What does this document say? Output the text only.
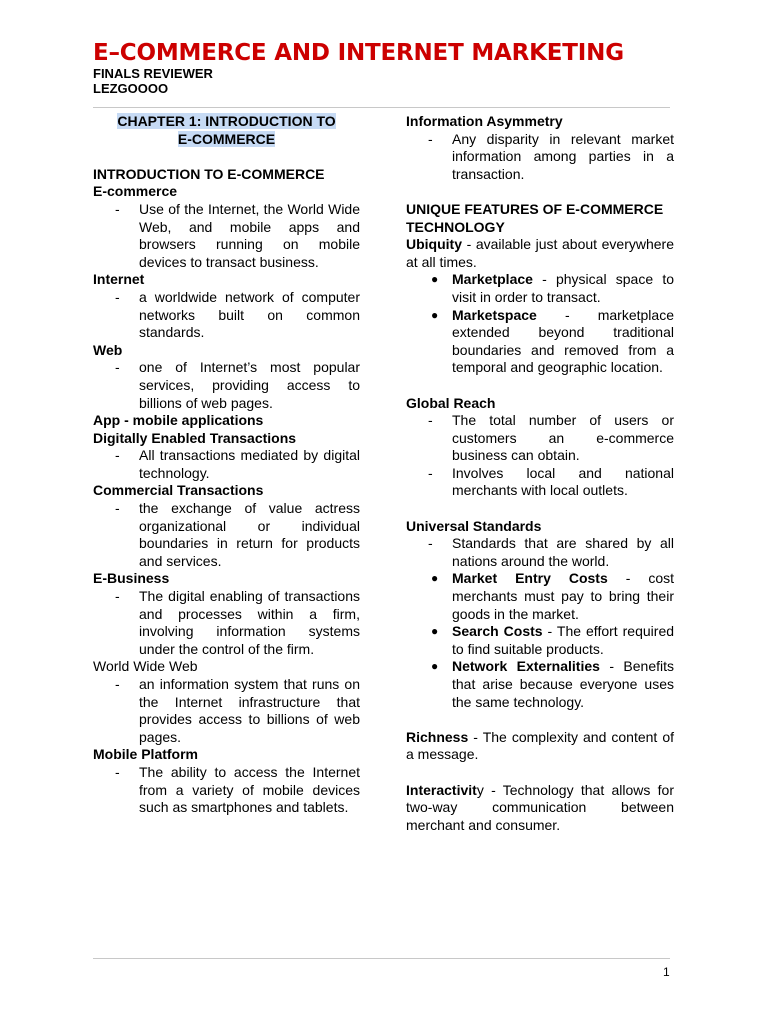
E–COMMERCE AND INTERNET MARKETING
FINALS REVIEWER
LEZGOOOO
CHAPTER 1: INTRODUCTION TO
E-COMMERCE
INTRODUCTION TO E-COMMERCE
E-commerce
-	Use of the Internet, the World Wide Web, and mobile apps and browsers running on mobile devices to transact business.
Internet
-	a worldwide network of computer networks built on common standards.
Web
-	one of Internet’s most popular services, providing access to billions of web pages.
App - mobile applications
Digitally Enabled Transactions
-	All transactions mediated by digital technology.
Commercial Transactions
-	the exchange of value actress organizational or individual boundaries in return for products and services.
E-Business
-	The digital enabling of transactions and processes within a firm, involving information systems under the control of the firm.
World Wide Web
-	an information system that runs on the Internet infrastructure that provides access to billions of web pages.
Mobile Platform
-	The ability to access the Internet from a variety of mobile devices such as smartphones and tablets.
Information Asymmetry
-	Any disparity in relevant market information among parties in a transaction.
UNIQUE FEATURES OF E-COMMERCE TECHNOLOGY
Ubiquity - available just about everywhere at all times.
● Marketplace - physical space to visit in order to transact.
● Marketspace - marketplace extended beyond traditional boundaries and removed from a temporal and geographic location.
Global Reach
-	The total number of users or customers an e-commerce business can obtain.
-	Involves local and national merchants with local outlets.
Universal Standards
-	Standards that are shared by all nations around the world.
● Market Entry Costs - cost merchants must pay to bring their goods in the market.
● Search Costs - The effort required to find suitable products.
● Network Externalities - Benefits that arise because everyone uses the same technology.
Richness - The complexity and content of a message.
Interactivity - Technology that allows for two-way communication between merchant and consumer.
1
